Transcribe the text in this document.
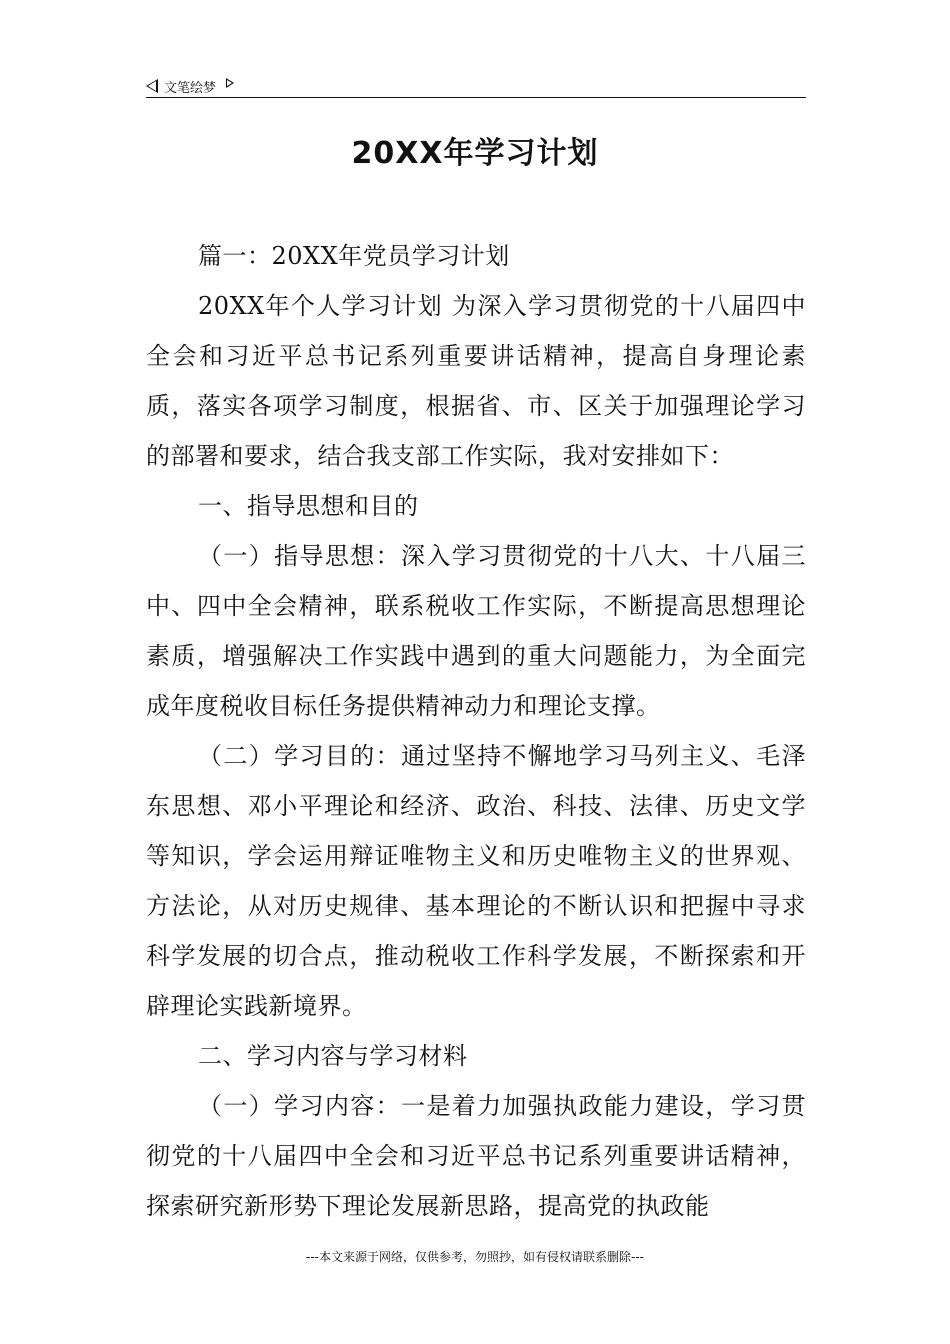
文笔绘梦
20XX年学习计划

篇一：20XX年党员学习计划

20XX年个人学习计划 为深入学习贯彻党的十八届四中全会和习近平总书记系列重要讲话精神，提高自身理论素质，落实各项学习制度，根据省、市、区关于加强理论学习的部署和要求，结合我支部工作实际，我对安排如下：

一、指导思想和目的

（一）指导思想：深入学习贯彻党的十八大、十八届三中、四中全会精神，联系税收工作实际，不断提高思想理论素质，增强解决工作实践中遇到的重大问题能力，为全面完成年度税收目标任务提供精神动力和理论支撑。

（二）学习目的：通过坚持不懈地学习马列主义、毛泽东思想、邓小平理论和经济、政治、科技、法律、历史文学等知识，学会运用辩证唯物主义和历史唯物主义的世界观、方法论，从对历史规律、基本理论的不断认识和把握中寻求科学发展的切合点，推动税收工作科学发展，不断探索和开辟理论实践新境界。

二、学习内容与学习材料

（一）学习内容：一是着力加强执政能力建设，学习贯彻党的十八届四中全会和习近平总书记系列重要讲话精神，探索研究新形势下理论发展新思路，提高党的执政能

---本文来源于网络，仅供参考，勿照抄，如有侵权请联系删除---
